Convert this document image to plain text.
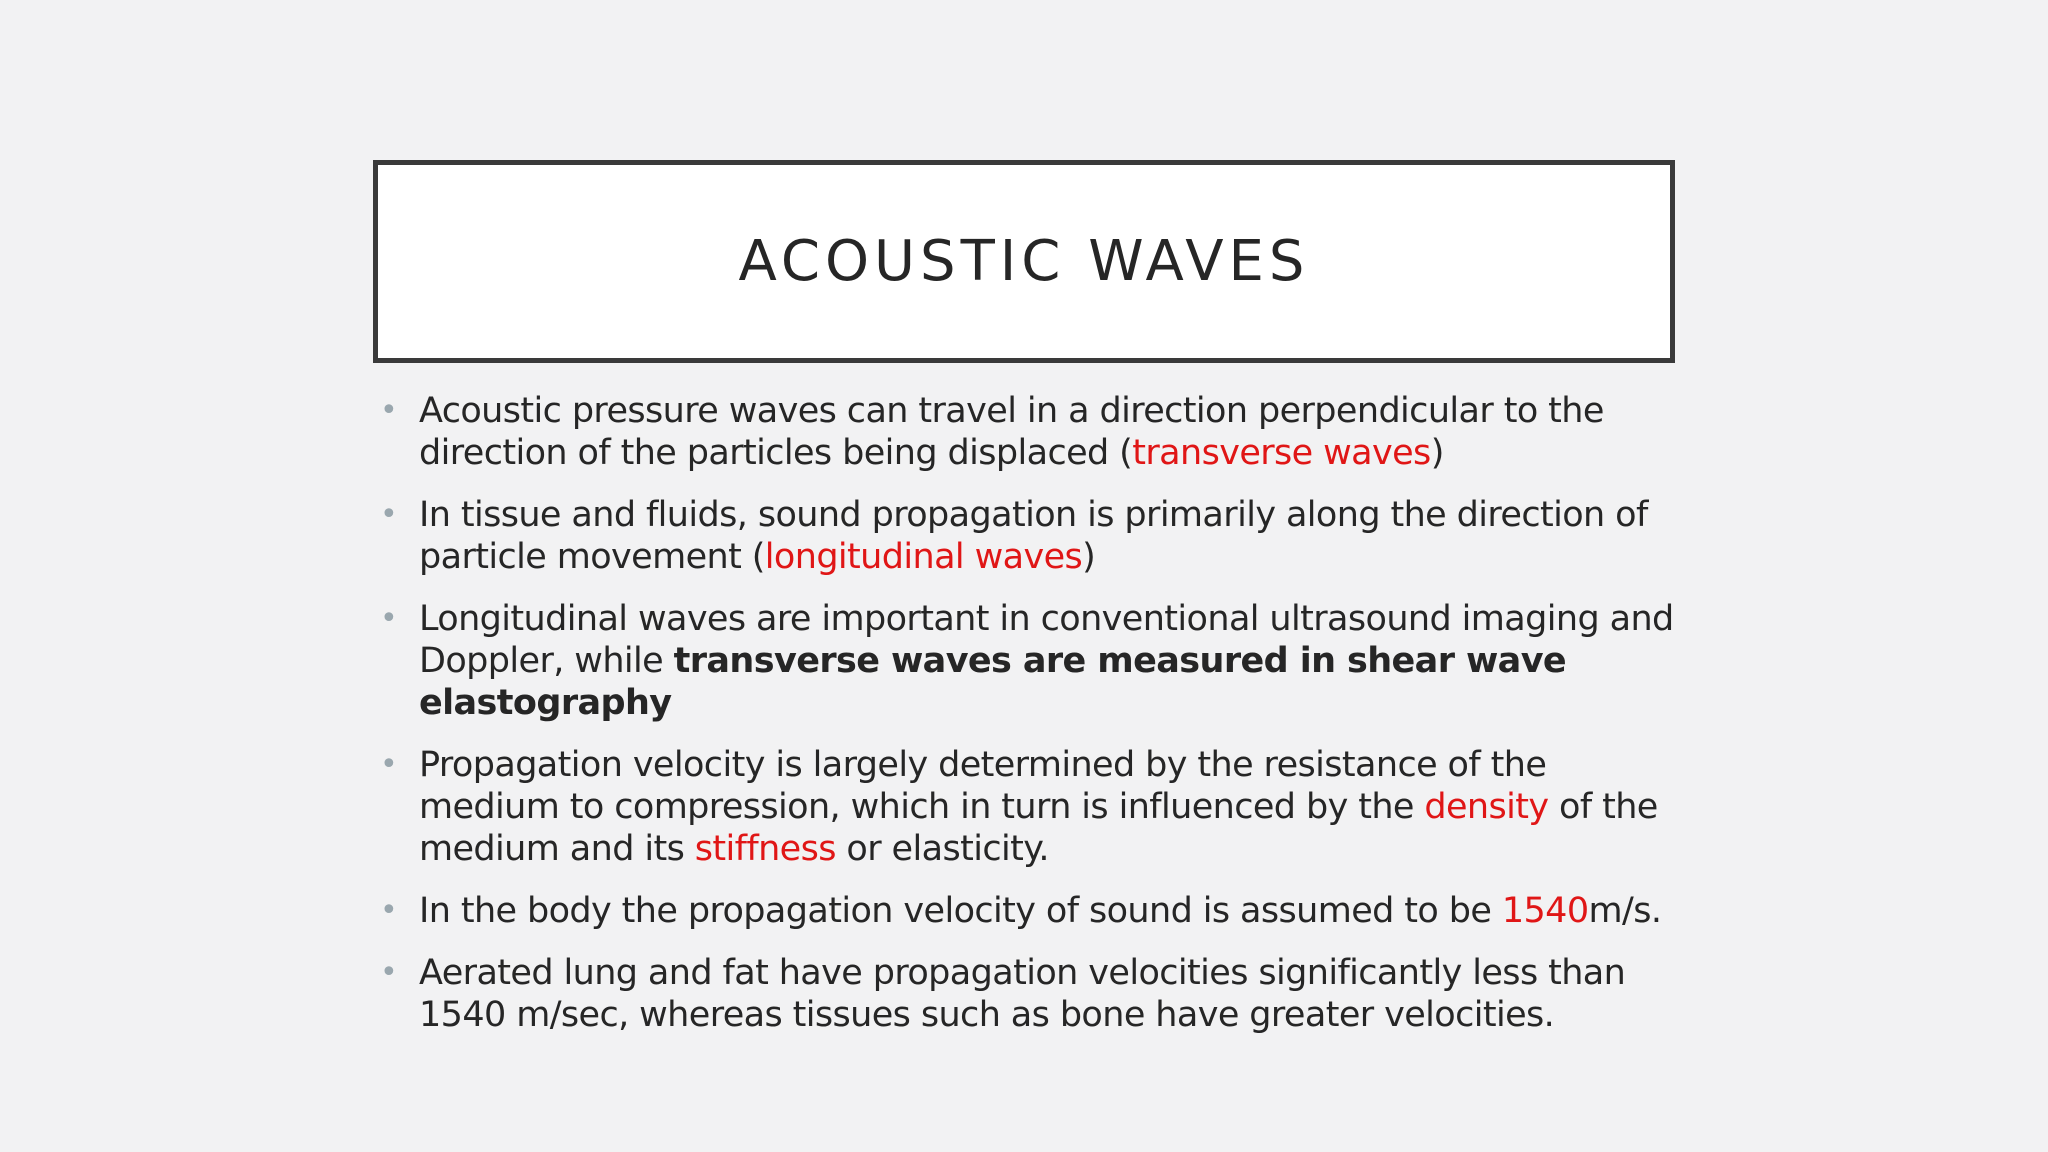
ACOUSTIC WAVES
• Acoustic pressure waves can travel in a direction perpendicular to the direction of the particles being displaced (transverse waves)
• In tissue and fluids, sound propagation is primarily along the direction of particle movement (longitudinal waves)
• Longitudinal waves are important in conventional ultrasound imaging and Doppler, while transverse waves are measured in shear wave elastography
• Propagation velocity is largely determined by the resistance of the medium to compression, which in turn is influenced by the density of the medium and its stiffness or elasticity.
• In the body the propagation velocity of sound is assumed to be 1540m/s.
• Aerated lung and fat have propagation velocities significantly less than 1540 m/sec, whereas tissues such as bone have greater velocities.
